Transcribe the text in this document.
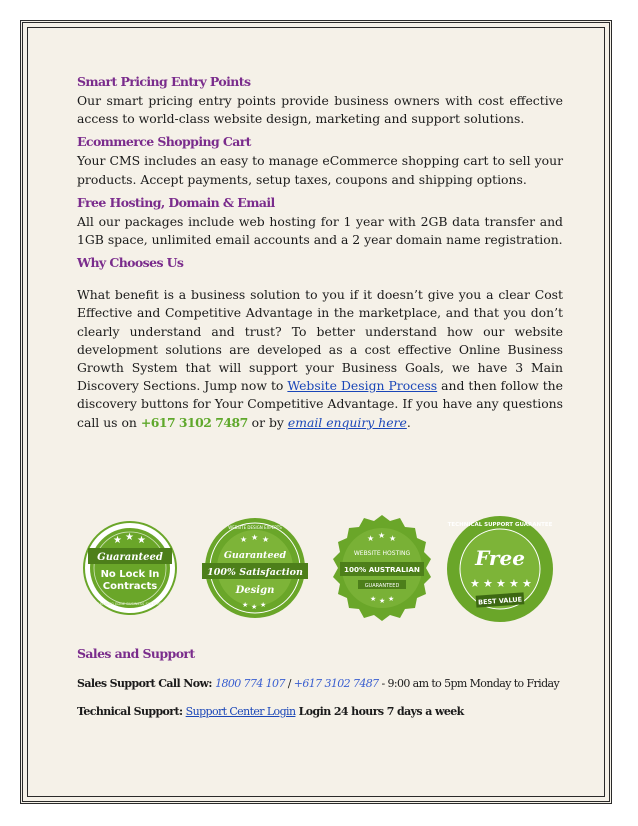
Smart Pricing Entry Points

Our smart pricing entry points provide business owners with cost effective access to world-class website design, marketing and support solutions.

Ecommerce Shopping Cart

Your CMS includes an easy to manage eCommerce shopping cart to sell your products. Accept payments, setup taxes, coupons and shipping options.

Free Hosting, Domain & Email

All our packages include web hosting for 1 year with 2GB data transfer and 1GB space, unlimited email accounts and a 2 year domain name registration.

Why Chooses Us

What benefit is a business solution to you if it doesn’t give you a clear Cost Effective and Competitive Advantage in the marketplace, and that you don’t clearly understand and trust? To better understand how our website development solutions are developed as a cost effective Online Business Growth System that will support your Business Goals, we have 3 Main Discovery Sections. Jump now to Website Design Process and then follow the discovery buttons for Your Competitive Advantage. If you have any questions call us on +617 3102 7487 or by email enquiry here.

★ ★ ★
Guaranteed
No Lock In
Contracts
LEADING EDGE BUSINESS SYSTEMS
WEBSITE DESIGN EXPERTS
★ ★ ★
Guaranteed
100% Satisfaction
Design
★ ★ ★
★ ★ ★
WEBSITE HOSTING
100% AUSTRALIAN
GUARANTEED
★ ★ ★
TECHNICAL SUPPORT GUARANTEE
Free
★ ★ ★ ★ ★
BEST VALUE
Sales and Support
Sales Support Call Now: 1800 774 107 / +617 3102 7487 - 9:00 am to 5pm Monday to Friday
Technical Support: Support Center Login Login 24 hours 7 days a week
